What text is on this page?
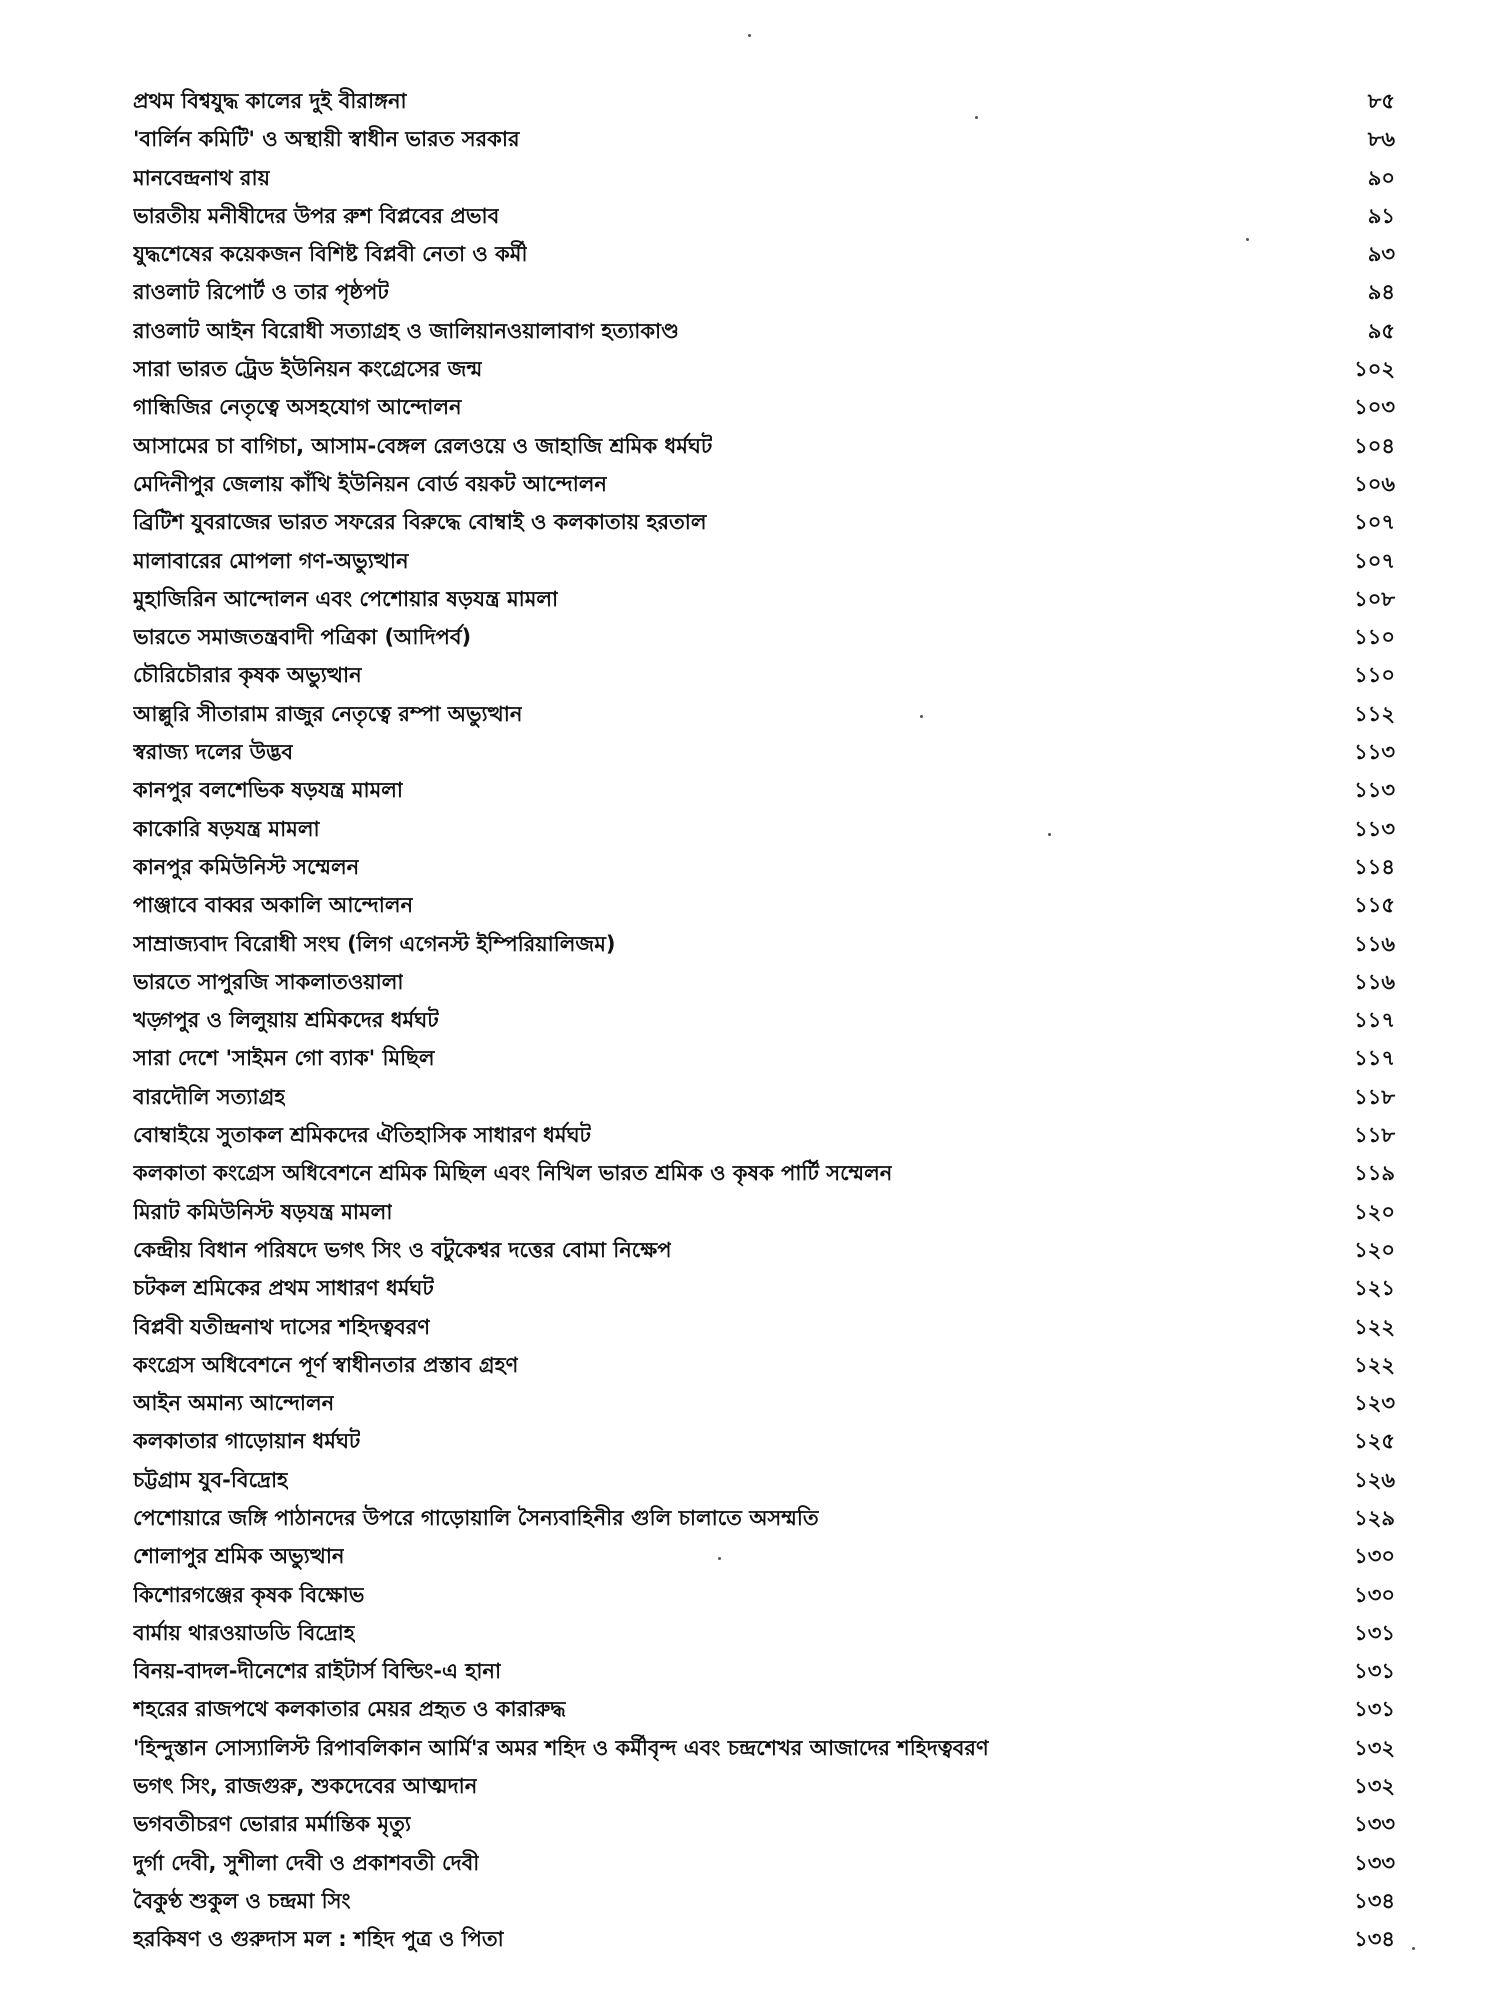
প্রথম বিশ্বযুদ্ধ কালের দুই বীরাঙ্গনা	৮৫
'বার্লিন কমিটি' ও অস্থায়ী স্বাধীন ভারত সরকার	৮৬
মানবেন্দ্রনাথ রায়	৯০
ভারতীয় মনীষীদের উপর রুশ বিপ্লবের প্রভাব	৯১
যুদ্ধশেষের কয়েকজন বিশিষ্ট বিপ্লবী নেতা ও কর্মী	৯৩
রাওলাট রিপোর্ট ও তার পৃষ্ঠপট	৯৪
রাওলাট আইন বিরোধী সত্যাগ্রহ ও জালিয়ানওয়ালাবাগ হত্যাকাণ্ড	৯৫
সারা ভারত ট্রেড ইউনিয়ন কংগ্রেসের জন্ম	১০২
গান্ধিজির নেতৃত্বে অসহযোগ আন্দোলন	১০৩
আসামের চা বাগিচা, আসাম-বেঙ্গল রেলওয়ে ও জাহাজি শ্রমিক ধর্মঘট	১০৪
মেদিনীপুর জেলায় কাঁথি ইউনিয়ন বোর্ড বয়কট আন্দোলন	১০৬
ব্রিটিশ যুবরাজের ভারত সফরের বিরুদ্ধে বোম্বাই ও কলকাতায় হরতাল	১০৭
মালাবারের মোপলা গণ-অভ্যুত্থান	১০৭
মুহাজিরিন আন্দোলন এবং পেশোয়ার ষড়যন্ত্র মামলা	১০৮
ভারতে সমাজতন্ত্রবাদী পত্রিকা (আদিপর্ব)	১১০
চৌরিচৌরার কৃষক অভ্যুত্থান	১১০
আল্লুরি সীতারাম রাজুর নেতৃত্বে রম্পা অভ্যুত্থান	১১২
স্বরাজ্য দলের উদ্ভব	১১৩
কানপুর বলশেভিক ষড়যন্ত্র মামলা	১১৩
কাকোরি ষড়যন্ত্র মামলা	১১৩
কানপুর কমিউনিস্ট সম্মেলন	১১৪
পাঞ্জাবে বাব্বর অকালি আন্দোলন	১১৫
সাম্রাজ্যবাদ বিরোধী সংঘ (লিগ এগেনস্ট ইম্পিরিয়ালিজম)	১১৬
ভারতে সাপুরজি সাকলাতওয়ালা	১১৬
খড়্গপুর ও লিলুয়ায় শ্রমিকদের ধর্মঘট	১১৭
সারা দেশে 'সাইমন গো ব্যাক' মিছিল	১১৭
বারদৌলি সত্যাগ্রহ	১১৮
বোম্বাইয়ে সুতাকল শ্রমিকদের ঐতিহাসিক সাধারণ ধর্মঘট	১১৮
কলকাতা কংগ্রেস অধিবেশনে শ্রমিক মিছিল এবং নিখিল ভারত শ্রমিক ও কৃষক পার্টি সম্মেলন	১১৯
মিরাট কমিউনিস্ট ষড়যন্ত্র মামলা	১২০
কেন্দ্রীয় বিধান পরিষদে ভগৎ সিং ও বটুকেশ্বর দত্তের বোমা নিক্ষেপ	১২০
চটকল শ্রমিকের প্রথম সাধারণ ধর্মঘট	১২১
বিপ্লবী যতীন্দ্রনাথ দাসের শহিদত্ববরণ	১২২
কংগ্রেস অধিবেশনে পূর্ণ স্বাধীনতার প্রস্তাব গ্রহণ	১২২
আইন অমান্য আন্দোলন	১২৩
কলকাতার গাড়োয়ান ধর্মঘট	১২৫
চট্টগ্রাম যুব-বিদ্রোহ	১২৬
পেশোয়ারে জঙ্গি পাঠানদের উপরে গাড়োয়ালি সৈন্যবাহিনীর গুলি চালাতে অসম্মতি	১২৯
শোলাপুর শ্রমিক অভ্যুত্থান	১৩০
কিশোরগঞ্জের কৃষক বিক্ষোভ	১৩০
বার্মায় থারওয়াডডি বিদ্রোহ	১৩১
বিনয়-বাদল-দীনেশের রাইটার্স বিল্ডিং-এ হানা	১৩১
শহরের রাজপথে কলকাতার মেয়র প্রহৃত ও কারারুদ্ধ	১৩১
'হিন্দুস্তান সোস্যালিস্ট রিপাবলিকান আর্মি'র অমর শহিদ ও কর্মীবৃন্দ এবং চন্দ্রশেখর আজাদের শহিদত্ববরণ	১৩২
ভগৎ সিং, রাজগুরু, শুকদেবের আত্মদান	১৩২
ভগবতীচরণ ভোরার মর্মান্তিক মৃত্যু	১৩৩
দুর্গা দেবী, সুশীলা দেবী ও প্রকাশবতী দেবী	১৩৩
বৈকুণ্ঠ শুকুল ও চন্দ্রমা সিং	১৩৪
হরকিষণ ও গুরুদাস মল : শহিদ পুত্র ও পিতা	১৩৪
